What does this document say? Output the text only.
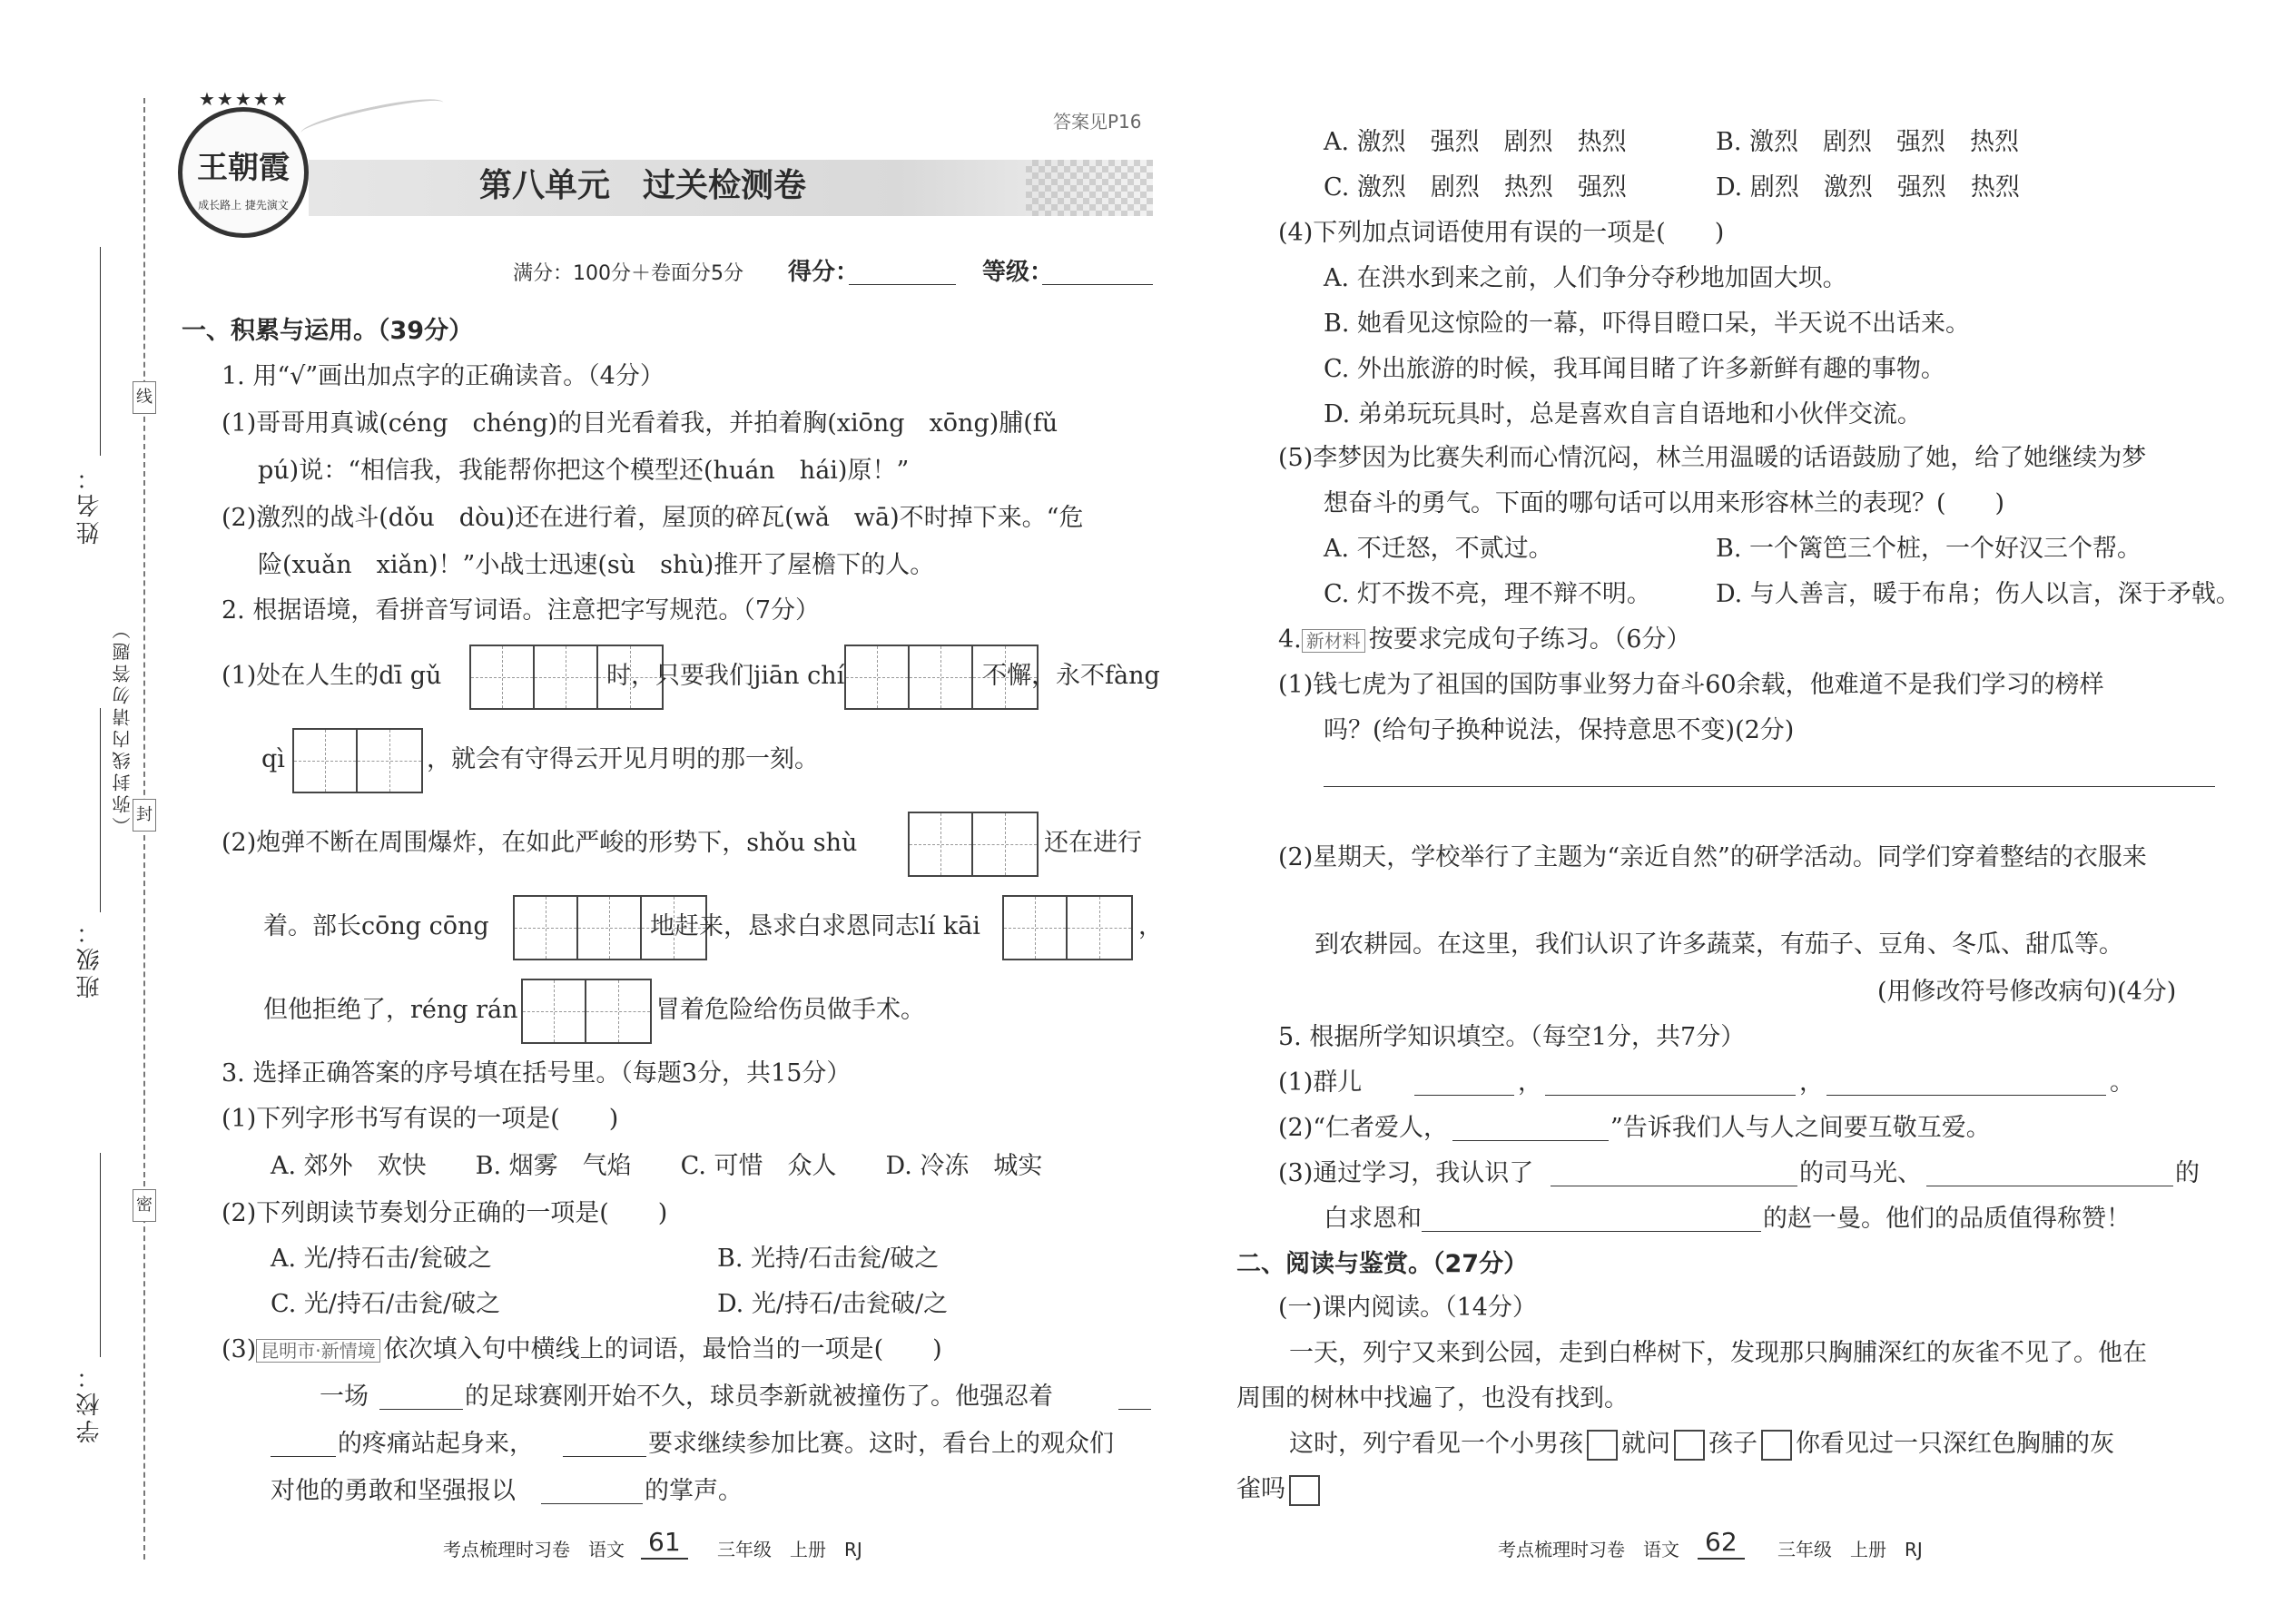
线
封
密
（弥封线内请勿答题）
姓名：
班级：
学校：
★★★★★
王朝霞
成长路上 捷先演文
答案见P16
第八单元　过关检测卷
满分：100分＋卷面分5分 得分：	等级：
一、积累与运用。（39分）
1. 用“√”画出加点字的正确读音。（4分）
(1)哥哥用真诚(céng　chéng)的目光看着我，并拍着胸(xiōng　xōng)脯(fǔ
pú)说：“相信我，我能帮你把这个模型还(huán　hái)原！”
(2)激烈的战斗(dǒu　dòu)还在进行着，屋顶的碎瓦(wǎ　wā)不时掉下来。“危
险(xuǎn　xiǎn)！”小战士迅速(sù　shù)推开了屋檐下的人。
2. 根据语境，看拼音写词语。注意把字写规范。（7分）
(1)处在人生的dī gǔ	时，只要我们jiān chí	不懈，永不fàng
qì	，就会有守得云开见月明的那一刻。
(2)炮弹不断在周围爆炸，在如此严峻的形势下，shǒu shù	还在进行
着。部长cōng cōng	地赶来，恳求白求恩同志lí kāi	，
但他拒绝了，réng rán	冒着危险给伤员做手术。
3. 选择正确答案的序号填在括号里。（每题3分，共15分）
(1)下列字形书写有误的一项是(　　)
A. 郊外　欢快　　B. 烟雾　气焰　　C. 可惜　众人　　D. 冷冻　城实
(2)下列朗读节奏划分正确的一项是(　　)
A. 光/持石击/瓮破之	B. 光持/石击瓮/破之
C. 光/持石/击瓮/破之	D. 光/持石/击瓮破/之
(3) 昆明市·新情境 依次填入句中横线上的词语，最恰当的一项是(　　)
一场	的足球赛刚开始不久，球员李新就被撞伤了。他强忍着
的疼痛站起身来，	要求继续参加比赛。这时，看台上的观众们
对他的勇敢和坚强报以	的掌声。
考点梳理时习卷　语文 61	三年级　上册　RJ
A. 激烈　强烈　剧烈　热烈	B. 激烈　剧烈　强烈　热烈
C. 激烈　剧烈　热烈　强烈	D. 剧烈　激烈　强烈　热烈
(4)下列加点词语使用有误的一项是(　　)
A. 在洪水到来之前，人们争分夺秒地加固大坝。
B. 她看见这惊险的一幕，吓得目瞪口呆，半天说不出话来。
C. 外出旅游的时候，我耳闻目睹了许多新鲜有趣的事物。
D. 弟弟玩玩具时，总是喜欢自言自语地和小伙伴交流。
(5)李梦因为比赛失利而心情沉闷，林兰用温暖的话语鼓励了她，给了她继续为梦
想奋斗的勇气。下面的哪句话可以用来形容林兰的表现？(　　)
A. 不迁怒，不贰过。	B. 一个篱笆三个桩，一个好汉三个帮。
C. 灯不拨不亮，理不辩不明。	D. 与人善言，暖于布帛；伤人以言，深于矛戟。
4. 新材料 按要求完成句子练习。（6分）
(1)钱七虎为了祖国的国防事业努力奋斗60余载，他难道不是我们学习的榜样
吗？(给句子换种说法，保持意思不变)(2分)
(2)星期天，学校举行了主题为“亲近自然”的研学活动。同学们穿着整结的衣服来
到农耕园。在这里，我们认识了许多蔬菜，有茄子、豆角、冬瓜、甜瓜等。
(用修改符号修改病句)(4分)
5. 根据所学知识填空。（每空1分，共7分）
(1)群儿	，	，	。
(2)“仁者爱人，	”告诉我们人与人之间要互敬互爱。
(3)通过学习，我认识了	的司马光、	的
白求恩和	的赵一曼。他们的品质值得称赞！
二、阅读与鉴赏。（27分）
(一)课内阅读。（14分）
一天，列宁又来到公园，走到白桦树下，发现那只胸脯深红的灰雀不见了。他在
周围的树林中找遍了，也没有找到。
这时，列宁看见一个小男孩 就问 孩子 你看见过一只深红色胸脯的灰
雀吗
考点梳理时习卷　语文 62	三年级　上册　RJ
